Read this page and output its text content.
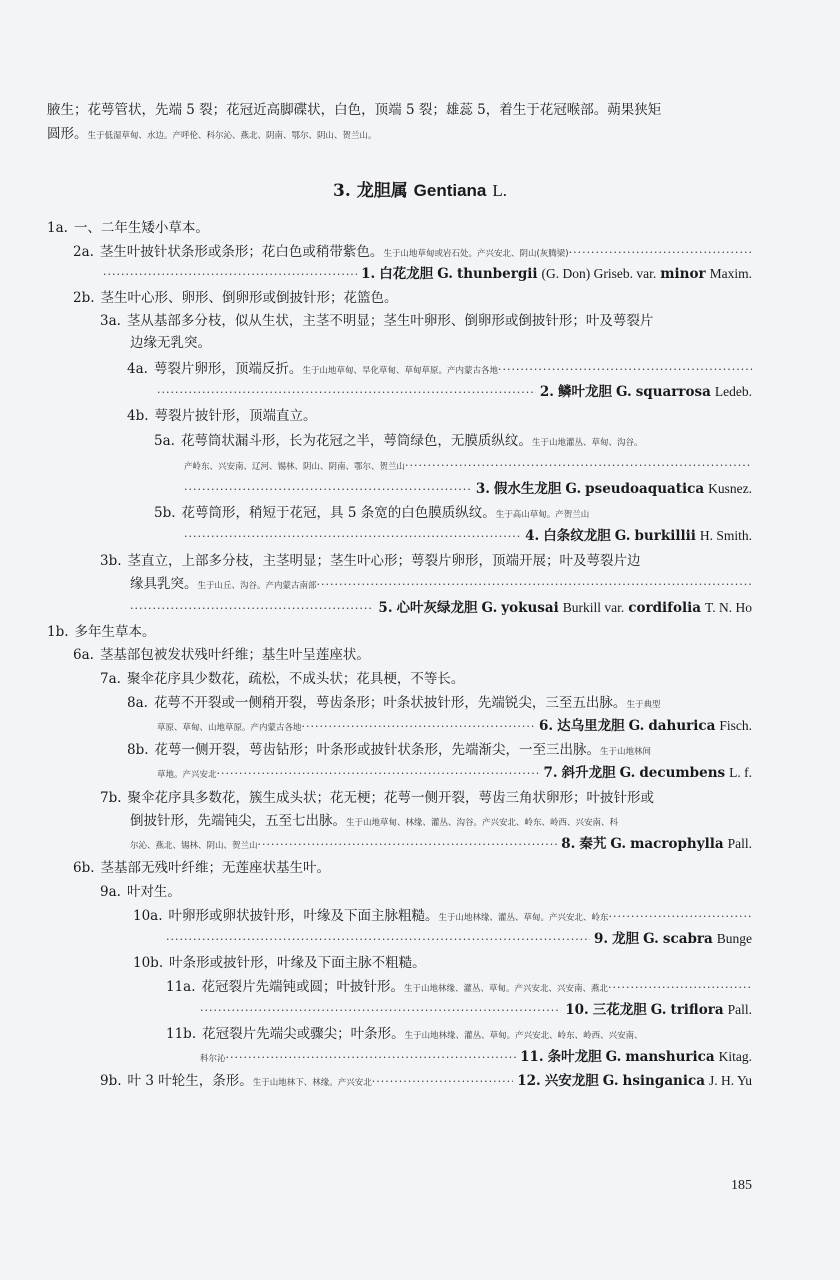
腋生；花萼管状，先端 5 裂；花冠近高脚碟状，白色，顶端 5 裂；雄蕊 5，着生于花冠喉部。蒴果狭矩
圆形。 生于低湿草甸、水边。产呼伦、科尔沁、燕北、阴南、鄂尔、阴山、贺兰山。
3. 龙胆属 Gentiana L.
1a. 一、二年生矮小草本。
2a. 茎生叶披针状条形或条形；花白色或稍带紫色。 生于山地草甸或岩石处。产兴安北、阴山(灰腾梁)
·····
·····
1. 白花龙胆 G. thunbergii (G. Don) Griseb. var. minor Maxim.
2b. 茎生叶心形、卵形、倒卵形或倒披针形；花篮色。
3a. 茎从基部多分枝，似从生状，主茎不明显；茎生叶卵形、倒卵形或倒披针形；叶及萼裂片
边缘无乳突。
4a. 萼裂片卵形，顶端反折。 生于山地草甸、旱化草甸、草甸草原。产内蒙古各地
·····
·····
2. 鳞叶龙胆 G. squarrosa Ledeb.
4b. 萼裂片披针形，顶端直立。
5a. 花萼筒状漏斗形，长为花冠之半，萼筒绿色，无膜质纵纹。 生于山地灌丛、草甸、沟谷。
产岭东、兴安南、辽河、锡林、阴山、阴南、鄂尔、贺兰山
·····
·····
3. 假水生龙胆 G. pseudoaquatica Kusnez.
5b. 花萼筒形，稍短于花冠，具 5 条宽的白色膜质纵纹。 生于高山草甸。产贺兰山
·····
4. 白条纹龙胆 G. burkillii H. Smith.
3b. 茎直立，上部多分枝，主茎明显；茎生叶心形；萼裂片卵形，顶端开展；叶及萼裂片边
缘具乳突。 生于山丘、沟谷。产内蒙古南部
·····
·····
5. 心叶灰绿龙胆 G. yokusai Burkill var. cordifolia T. N. Ho
1b. 多年生草本。
6a. 茎基部包被发状残叶纤维；基生叶呈莲座状。
7a. 聚伞花序具少数花，疏松，不成头状；花具梗，不等长。
8a. 花萼不开裂或一侧稍开裂，萼齿条形；叶条状披针形，先端锐尖，三至五出脉。 生于典型
草原、草甸、山地草原。产内蒙古各地 ·····	6. 达乌里龙胆 G. dahurica Fisch.
8b. 花萼一侧开裂，萼齿钻形；叶条形或披针状条形，先端渐尖，一至三出脉。 生于山地林间
草地。产兴安北 ·····	7. 斜升龙胆 G. decumbens L. f.
7b. 聚伞花序具多数花，簇生成头状；花无梗；花萼一侧开裂，萼齿三角状卵形；叶披针形或
倒披针形，先端钝尖，五至七出脉。 生于山地草甸、林缘、灌丛、沟谷。产兴安北、岭东、岭西、兴安南、科
尔沁、燕北、锡林、阴山、贺兰山 ·····	8. 秦艽 G. macrophylla Pall.
6b. 茎基部无残叶纤维；无莲座状基生叶。
9a. 叶对生。
10a. 叶卵形或卵状披针形，叶缘及下面主脉粗糙。 生于山地林缘、灌丛、草甸。产兴安北、岭东
·····
·····
9. 龙胆 G. scabra Bunge
10b. 叶条形或披针形，叶缘及下面主脉不粗糙。
11a. 花冠裂片先端钝或圆；叶披针形。 生于山地林缘、灌丛、草甸。产兴安北、兴安南、燕北
·····
·····
10. 三花龙胆 G. triflora Pall.
11b. 花冠裂片先端尖或骤尖；叶条形。 生于山地林缘、灌丛、草甸。产兴安北、岭东、岭西、兴安南、
科尔沁 ·····	11. 条叶龙胆 G. manshurica Kitag.
9b. 叶 3 叶轮生，条形。 生于山地林下、林缘。产兴安北 ·····	12. 兴安龙胆 G. hsinganica J. H. Yu
185
